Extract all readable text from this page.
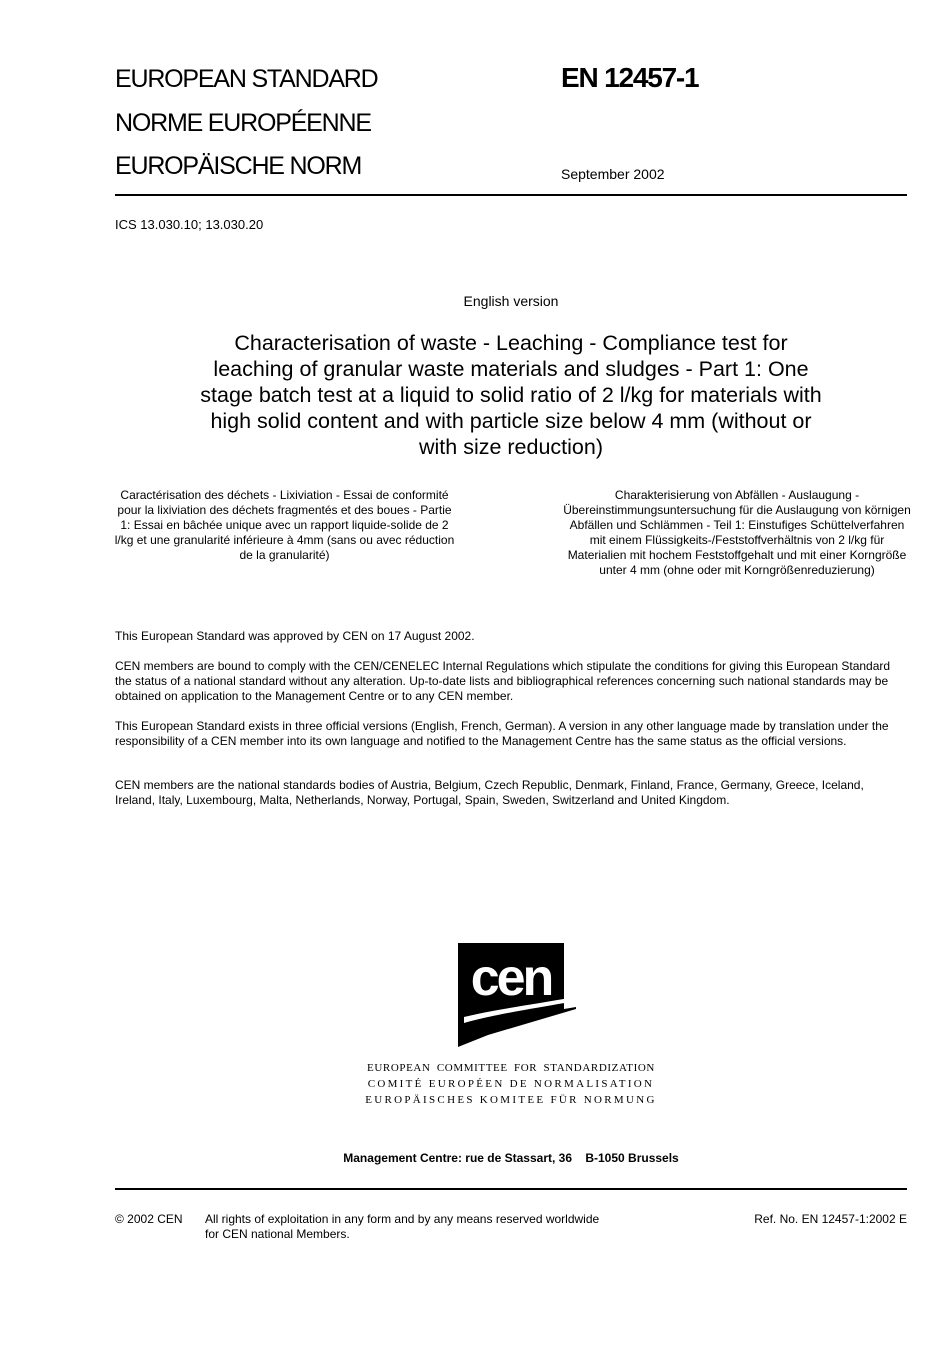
EUROPEAN STANDARD
NORME EUROPÉENNE
EUROPÄISCHE NORM
EN 12457-1
September 2002
ICS 13.030.10; 13.030.20
English version
Characterisation of waste - Leaching - Compliance test for leaching of granular waste materials and sludges - Part 1: One stage batch test at a liquid to solid ratio of 2 l/kg for materials with high solid content and with particle size below 4 mm (without or with size reduction)
Caractérisation des déchets - Lixiviation - Essai de conformité pour la lixiviation des déchets fragmentés et des boues - Partie 1: Essai en bâchée unique avec un rapport liquide-solide de 2 l/kg et une granularité inférieure à 4mm (sans ou avec réduction de la granularité)
Charakterisierung von Abfällen - Auslaugung - Übereinstimmungsuntersuchung für die Auslaugung von körnigen Abfällen und Schlämmen - Teil 1: Einstufiges Schüttelverfahren mit einem Flüssigkeits-/Feststoffverhältnis von 2 l/kg für Materialien mit hochem Feststoffgehalt und mit einer Korngröße unter 4 mm (ohne oder mit Korngrößenreduzierung)
This European Standard was approved by CEN on 17 August 2002.
CEN members are bound to comply with the CEN/CENELEC Internal Regulations which stipulate the conditions for giving this European Standard the status of a national standard without any alteration. Up-to-date lists and bibliographical references concerning such national standards may be obtained on application to the Management Centre or to any CEN member.
This European Standard exists in three official versions (English, French, German). A version in any other language made by translation under the responsibility of a CEN member into its own language and notified to the Management Centre has the same status as the official versions.
CEN members are the national standards bodies of Austria, Belgium, Czech Republic, Denmark, Finland, France, Germany, Greece, Iceland, Ireland, Italy, Luxembourg, Malta, Netherlands, Norway, Portugal, Spain, Sweden, Switzerland and United Kingdom.
cen
EUROPEAN COMMITTEE FOR STANDARDIZATION
COMITÉ EUROPÉEN DE NORMALISATION
EUROPÄISCHES KOMITEE FÜR NORMUNG
Management Centre: rue de Stassart, 36    B-1050 Brussels
© 2002 CEN All rights of exploitation in any form and by any means reserved worldwide for CEN national Members.
Ref. No. EN 12457-1:2002 E
